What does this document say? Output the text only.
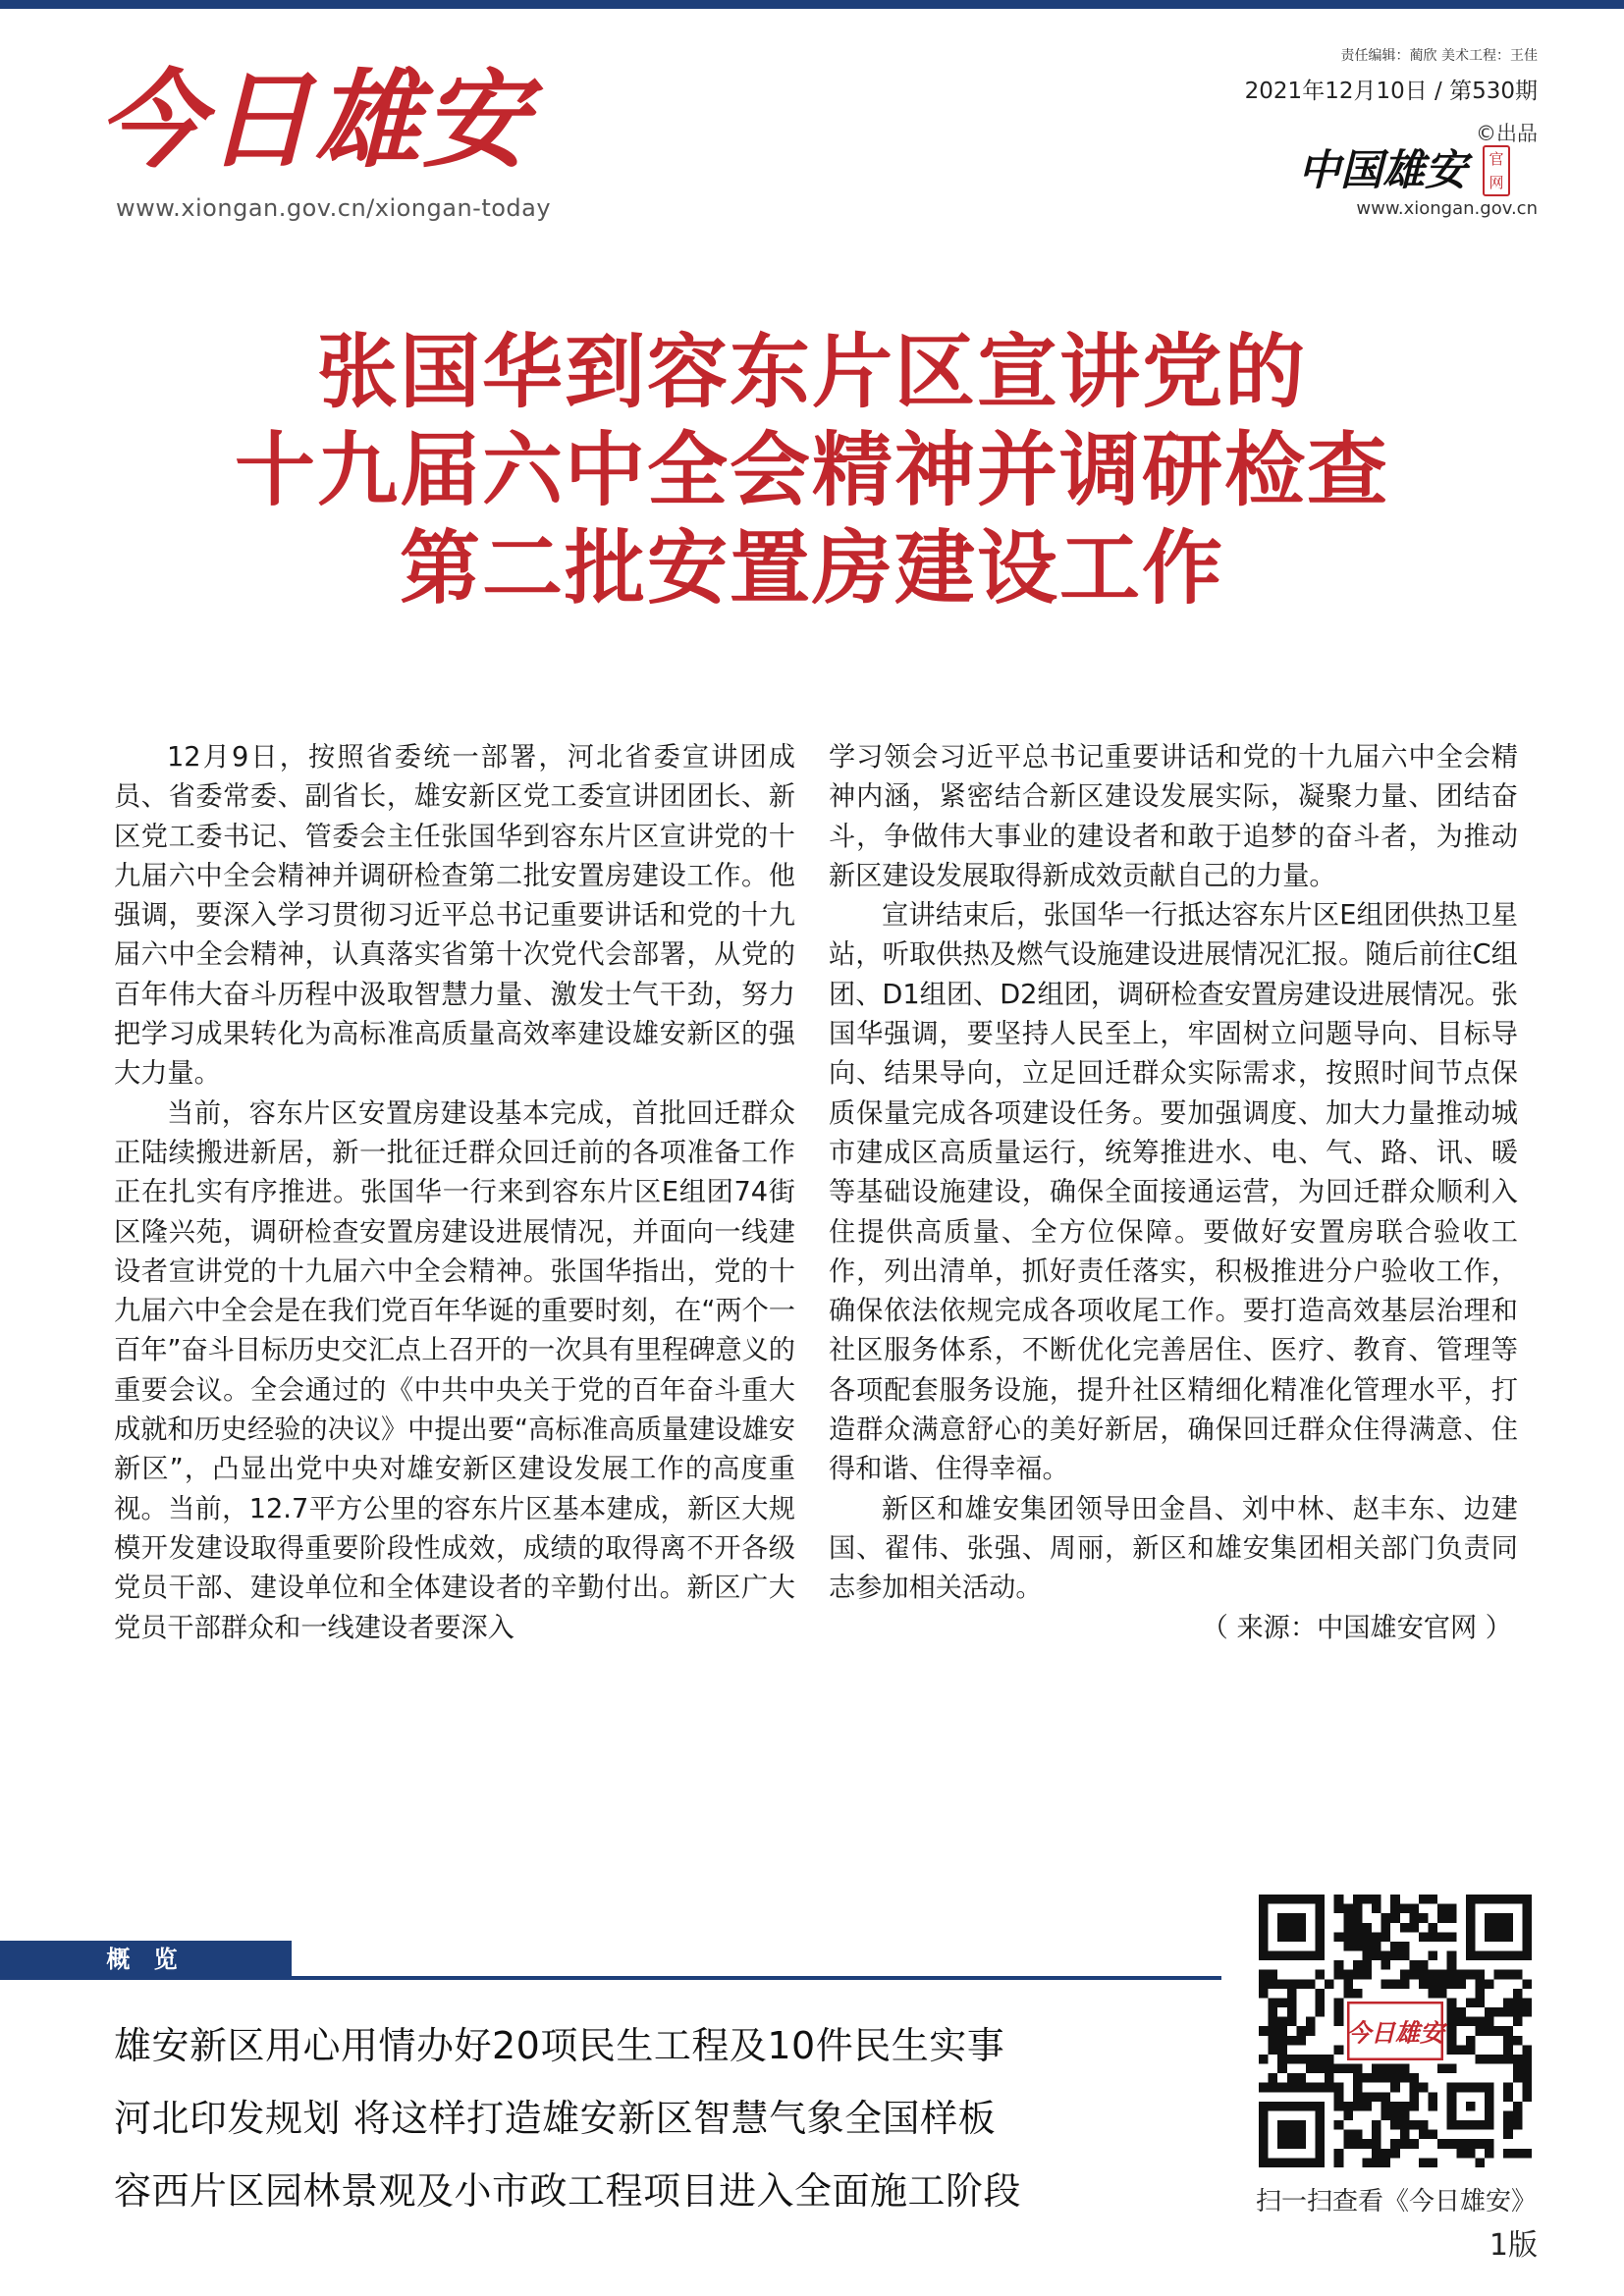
今日雄安
www.xiongan.gov.cn/xiongan-today
责任编辑：蔺欣 美术工程：王佳
2021年12月10日 / 第530期
©出品
中国雄安	官网
www.xiongan.gov.cn
张国华到容东片区宣讲党的
十九届六中全会精神并调研检查
第二批安置房建设工作

12月9日，按照省委统一部署，河北省委宣讲团成员、省委常委、副省长，雄安新区党工委宣讲团团长、新区党工委书记、管委会主任张国华到容东片区宣讲党的十九届六中全会精神并调研检查第二批安置房建设工作。他强调，要深入学习贯彻习近平总书记重要讲话和党的十九届六中全会精神，认真落实省第十次党代会部署，从党的百年伟大奋斗历程中汲取智慧力量、激发士气干劲，努力把学习成果转化为高标准高质量高效率建设雄安新区的强大力量。

当前，容东片区安置房建设基本完成，首批回迁群众正陆续搬进新居，新一批征迁群众回迁前的各项准备工作正在扎实有序推进。张国华一行来到容东片区E组团74街区隆兴苑，调研检查安置房建设进展情况，并面向一线建设者宣讲党的十九届六中全会精神。张国华指出，党的十九届六中全会是在我们党百年华诞的重要时刻，在“两个一百年”奋斗目标历史交汇点上召开的一次具有里程碑意义的重要会议。全会通过的《中共中央关于党的百年奋斗重大成就和历史经验的决议》中提出要“高标准高质量建设雄安新区”，凸显出党中央对雄安新区建设发展工作的高度重视。当前，12.7平方公里的容东片区基本建成，新区大规模开发建设取得重要阶段性成效，成绩的取得离不开各级党员干部、建设单位和全体建设者的辛勤付出。新区广大党员干部群众和一线建设者要深入

学习领会习近平总书记重要讲话和党的十九届六中全会精神内涵，紧密结合新区建设发展实际，凝聚力量、团结奋斗，争做伟大事业的建设者和敢于追梦的奋斗者，为推动新区建设发展取得新成效贡献自己的力量。

宣讲结束后，张国华一行抵达容东片区E组团供热卫星站，听取供热及燃气设施建设进展情况汇报。随后前往C组团、D1组团、D2组团，调研检查安置房建设进展情况。张国华强调，要坚持人民至上，牢固树立问题导向、目标导向、结果导向，立足回迁群众实际需求，按照时间节点保质保量完成各项建设任务。要加强调度、加大力量推动城市建成区高质量运行，统筹推进水、电、气、路、讯、暖等基础设施建设，确保全面接通运营，为回迁群众顺利入住提供高质量、全方位保障。要做好安置房联合验收工作，列出清单，抓好责任落实，积极推进分户验收工作，确保依法依规完成各项收尾工作。要打造高效基层治理和社区服务体系，不断优化完善居住、医疗、教育、管理等各项配套服务设施，提升社区精细化精准化管理水平，打造群众满意舒心的美好新居，确保回迁群众住得满意、住得和谐、住得幸福。

新区和雄安集团领导田金昌、刘中林、赵丰东、边建国、翟伟、张强、周丽，新区和雄安集团相关部门负责同志参加相关活动。

（ 来源：中国雄安官网 ）

概 览
雄安新区用心用情办好20项民生工程及10件民生实事
河北印发规划 将这样打造雄安新区智慧气象全国样板
容西片区园林景观及小市政工程项目进入全面施工阶段
今日雄安
扫一扫查看《今日雄安》
1版
